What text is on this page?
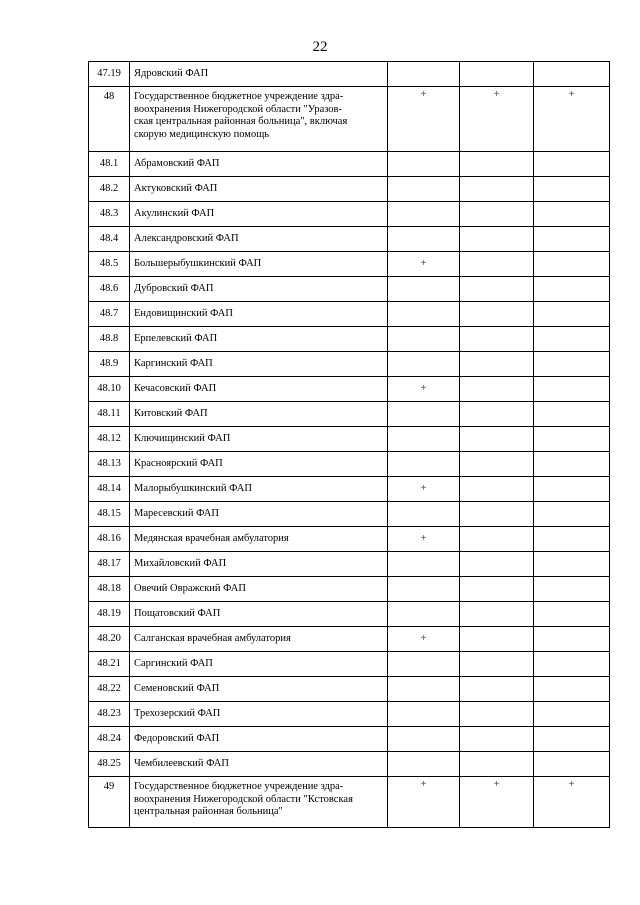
22
47.19	Ядровский ФАП			
48	Государственное бюджетное учреждение здра-
воохранения Нижегородской области "Уразов-
ская центральная районная больница", включая
скорую медицинскую помощь	+	+	+
48.1	Абрамовский ФАП			
48.2	Актуковский ФАП			
48.3	Акулинский ФАП			
48.4	Александровский ФАП			
48.5	Большерыбушкинский ФАП	+		
48.6	Дубровский ФАП			
48.7	Ендовищинский ФАП			
48.8	Ерпелевский ФАП			
48.9	Каргинский ФАП			
48.10	Кечасовский ФАП	+		
48.11	Китовский ФАП			
48.12	Ключищинский ФАП			
48.13	Красноярский ФАП			
48.14	Малорыбушкинский ФАП	+		
48.15	Маресевский ФАП			
48.16	Медянская врачебная амбулатория	+		
48.17	Михайловский ФАП			
48.18	Овечий Овражский ФАП			
48.19	Пощатовский ФАП			
48.20	Салганская врачебная амбулатория	+		
48.21	Саргинский ФАП			
48.22	Семеновский ФАП			
48.23	Трехозерский ФАП			
48.24	Федоровский ФАП			
48.25	Чембилеевский ФАП			
49	Государственное бюджетное учреждение здра-
воохранения Нижегородской области "Кстовская
центральная районная больница"	+	+	+
